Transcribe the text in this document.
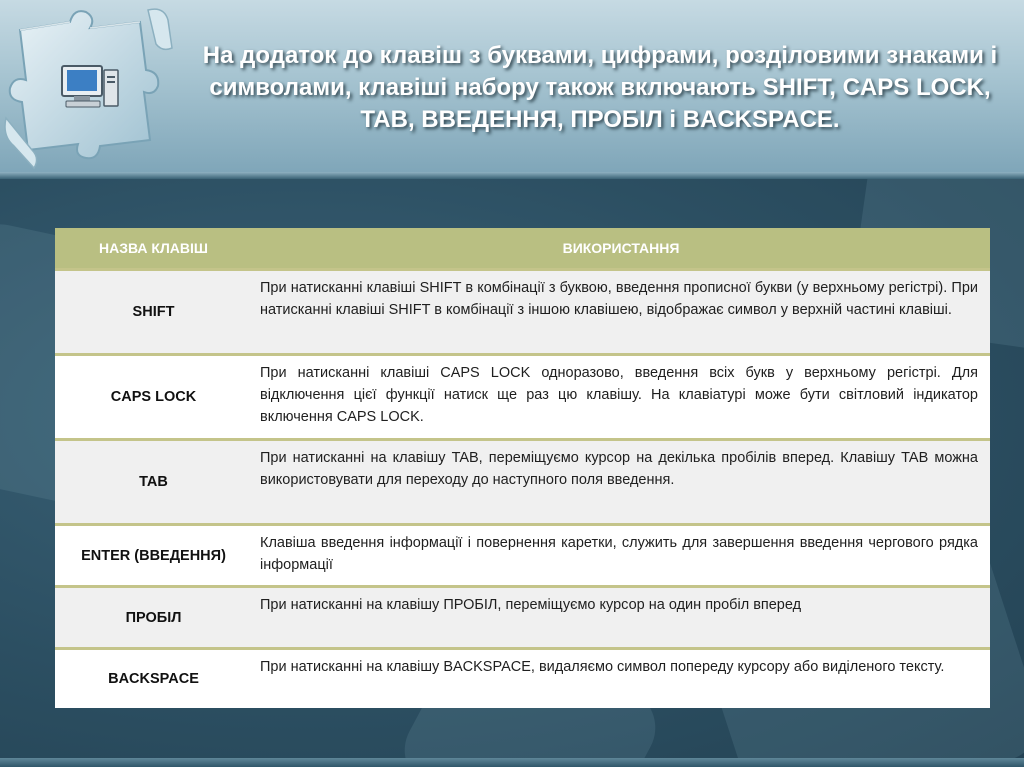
На додаток до клавіш з буквами, цифрами, розділовими знаками і символами, клавіші набору також включають SHIFT, CAPS LOCK, TAB, ВВЕДЕННЯ, ПРОБІЛ і BACKSPACE.
НАЗВА КЛАВІШ	ВИКОРИСТАННЯ
SHIFT	При натисканні клавіші SHIFT в комбінації з буквою, введення прописної букви (у верхньому регістрі). При натисканні клавіші SHIFT в комбінації з іншою клавішею, відображає символ у верхній частині клавіші.
CAPS LOCK	При натисканні клавіші CAPS LOCK одноразово, введення всіх букв у верхньому регістрі. Для відключення цієї функції натиск ще раз цю клавішу. На клавіатурі може бути світловий індикатор включення CAPS LOCK.
TAB	При натисканні на клавішу TAB, переміщуємо курсор на декілька пробілів вперед. Клавішу TAB можна використовувати для переходу до наступного поля введення.
ENTER (ВВЕДЕННЯ)	Клавіша введення інформації і повернення каретки, служить для завершення введення чергового рядка інформації
ПРОБІЛ	При натисканні на клавішу ПРОБІЛ, переміщуємо курсор на один пробіл вперед
BACKSPACE	При натисканні на клавішу BACKSPACE, видаляємо символ попереду курсору або виділеного тексту.
